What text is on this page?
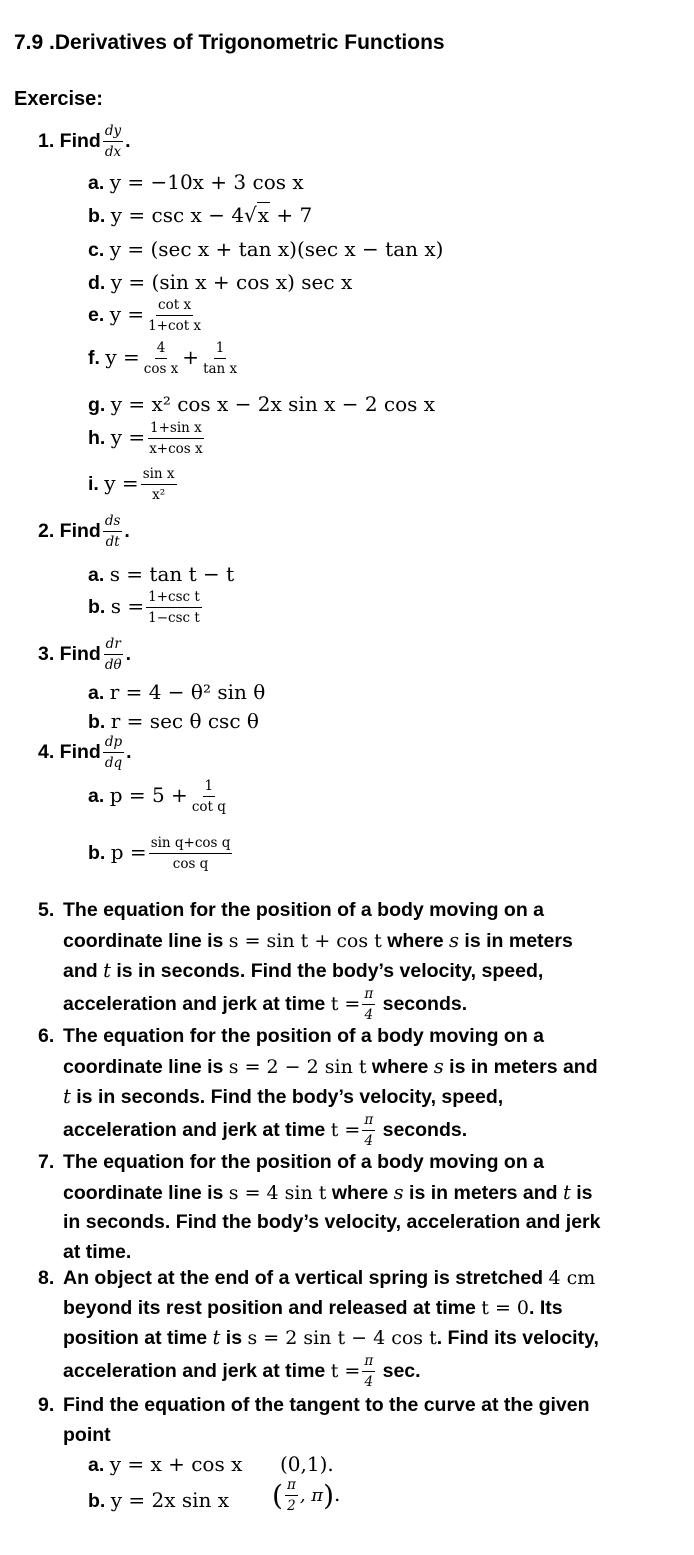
7.9 .Derivatives of Trigonometric Functions
Exercise:
1. Find $\frac{dy}{dx}$ .
a. y = −10x + 3 cos x
b. y = csc x − 4√x + 7
c. y = (sec x + tan x)(sec x − tan x)
d. y = (sin x + cos x) sec x
e. $y = \frac{\text{cot x}}{\text{1+cot x}}$
f. $y = \frac{4}{\text{cos x}} + \frac{1}{\text{tan x}}$
g. y = x² cos x − 2x sin x − 2 cos x
h. $y = \frac{\text{1+sin x}}{\text{x+cos x}}$
i. $y = \frac{\text{sin x}}{\text{x²}}$
2. Find $\frac{ds}{dt}$ .
a. s = tan t − t
b. $s = \frac{\text{1+csc t}}{\text{1−csc t}}$
3. Find $\frac{dr}{d\theta}$ .
a. r = 4 − θ² sin θ
b. r = sec θ csc θ
4. Find $\frac{dp}{dq}$ .
a. $p = 5 + \frac{1}{\text{cot q}}$
b. $p = \frac{\text{sin q+cos q}}{\text{cos q}}$
5. The equation for the position of a body moving on a
coordinate line is s = sin t + cos t where s is in meters
and t is in seconds. Find the body’s velocity, speed,
acceleration and jerk at time $t = \frac{\pi}{4}$ seconds.
6. The equation for the position of a body moving on a
coordinate line is s = 2 − 2 sin t where s is in meters and
t is in seconds. Find the body’s velocity, speed,
acceleration and jerk at time $t = \frac{\pi}{4}$ seconds.
7. The equation for the position of a body moving on a
coordinate line is s = 4 sin t where s is in meters and t is
in seconds. Find the body’s velocity, acceleration and jerk
at time.
8. An object at the end of a vertical spring is stretched 4 cm
beyond its rest position and released at time t = 0. Its
position at time t is s = 2 sin t − 4 cos t. Find its velocity,
acceleration and jerk at time $t = \frac{\pi}{4} \sec$.
9. Find the equation of the tangent to the curve at the given
point
a. y = x + cos x (0,1).
b. y = 2x sin x ( $\frac{\pi}{2}$ , π).
